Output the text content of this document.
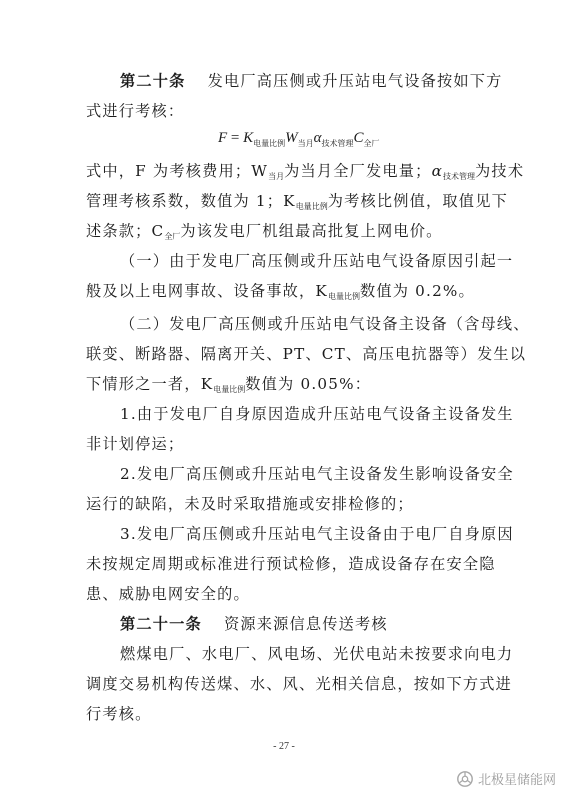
第二十条 发电厂高压侧或升压站电气设备按如下方
式进行考核：
$F = K_{电量比例}W_{当月}\alpha_{技术管理}C_{全厂}$
式中，F 为考核费用；W当月为当月全厂发电量；α技术管理为技术
管理考核系数，数值为 1；K电量比例为考核比例值，取值见下
述条款；C全厂为该发电厂机组最高批复上网电价。
（一）由于发电厂高压侧或升压站电气设备原因引起一
般及以上电网事故、设备事故，K电量比例数值为 0.2%。
（二）发电厂高压侧或升压站电气设备主设备（含母线、
联变、断路器、隔离开关、PT、CT、高压电抗器等）发生以
下情形之一者，K电量比例数值为 0.05%：
1.由于发电厂自身原因造成升压站电气设备主设备发生
非计划停运；
2.发电厂高压侧或升压站电气主设备发生影响设备安全
运行的缺陷，未及时采取措施或安排检修的；
3.发电厂高压侧或升压站电气主设备由于电厂自身原因
未按规定周期或标准进行预试检修，造成设备存在安全隐
患、威胁电网安全的。
第二十一条 资源来源信息传送考核
燃煤电厂、水电厂、风电场、光伏电站未按要求向电力
调度交易机构传送煤、水、风、光相关信息，按如下方式进
行考核。
- 27 -
北极星储能网
